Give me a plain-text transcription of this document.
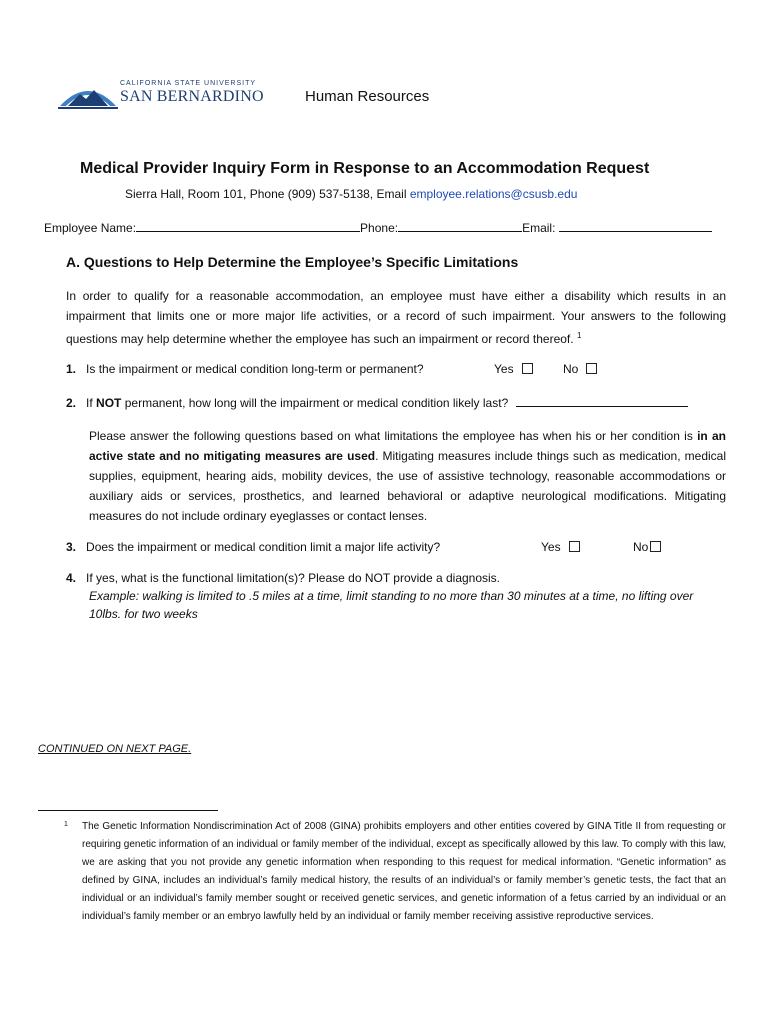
CALIFORNIA STATE UNIVERSITY
SAN BERNARDINO	Human Resources
Medical Provider Inquiry Form in Response to an Accommodation Request
Sierra Hall, Room 101, Phone (909) 537-5138, Email employee.relations@csusb.edu
Employee Name:	Phone:	Email:
A. Questions to Help Determine the Employee’s Specific Limitations
In order to qualify for a reasonable accommodation, an employee must have either a disability which results in an impairment that limits one or more major life activities, or a record of such impairment. Your answers to the following questions may help determine whether the employee has such an impairment or record thereof. $^1$
1. Is the impairment or medical condition long-term or permanent?	Yes	No
2. If NOT permanent, how long will the impairment or medical condition likely last?
Please answer the following questions based on what limitations the employee has when his or her condition is in an active state and no mitigating measures are used. Mitigating measures include things such as medication, medical supplies, equipment, hearing aids, mobility devices, the use of assistive technology, reasonable accommodations or auxiliary aids or services, prosthetics, and learned behavioral or adaptive neurological modifications. Mitigating measures do not include ordinary eyeglasses or contact lenses.
3. Does the impairment or medical condition limit a major life activity?	Yes	No
4. If yes, what is the functional limitation(s)? Please do NOT provide a diagnosis.
Example: walking is limited to .5 miles at a time, limit standing to no more than 30 minutes at a time, no lifting over 10lbs. for two weeks
CONTINUED ON NEXT PAGE.
1	The Genetic Information Nondiscrimination Act of 2008 (GINA) prohibits employers and other entities covered by GINA Title II from requesting or requiring genetic information of an individual or family member of the individual, except as specifically allowed by this law. To comply with this law, we are asking that you not provide any genetic information when responding to this request for medical information. “Genetic information” as defined by GINA, includes an individual’s family medical history, the results of an individual’s or family member’s genetic tests, the fact that an individual or an individual’s family member sought or received genetic services, and genetic information of a fetus carried by an individual or an individual’s family member or an embryo lawfully held by an individual or family member receiving assistive reproductive services.
